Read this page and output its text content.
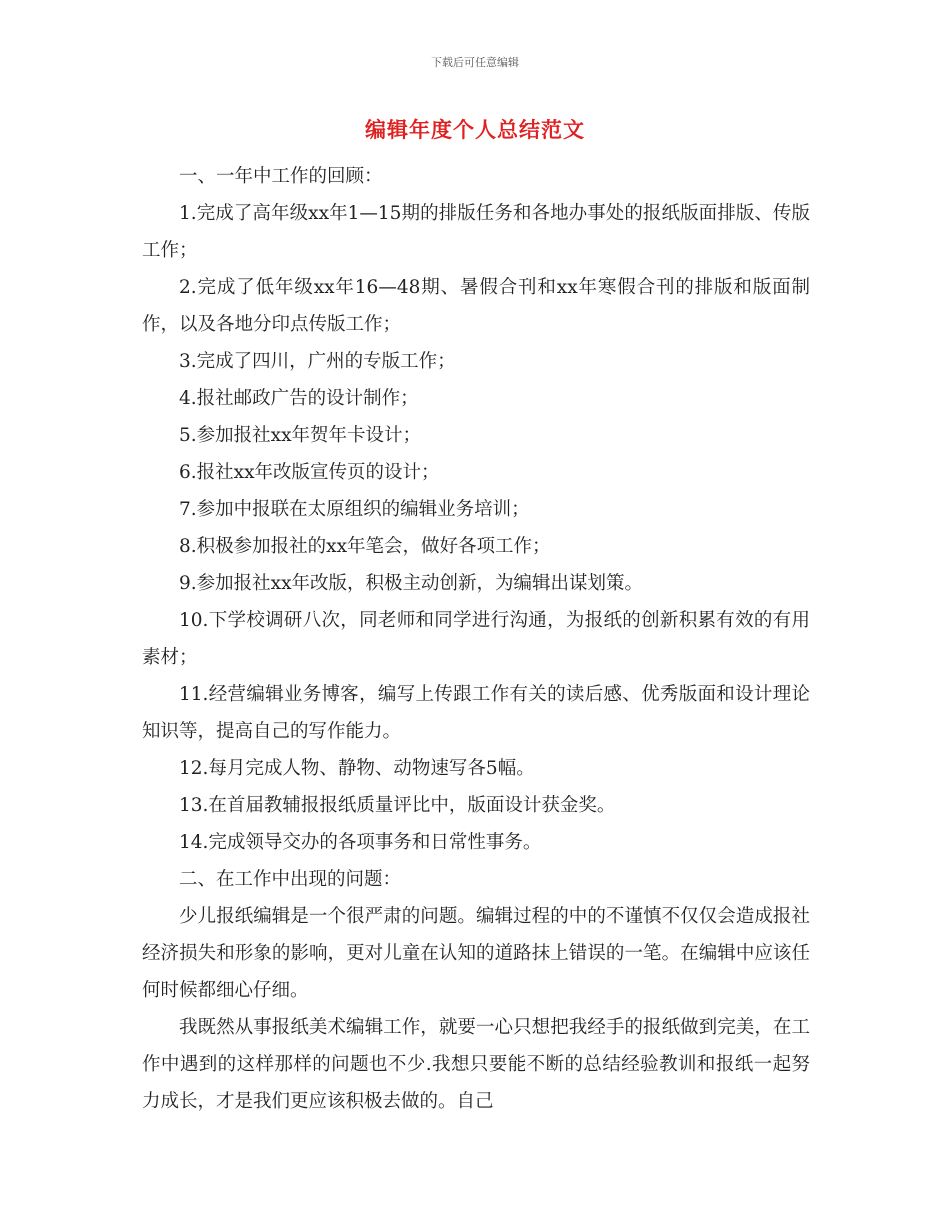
下载后可任意编辑
编辑年度个人总结范文

一、一年中工作的回顾：

1.完成了高年级xx年1—15期的排版任务和各地办事处的报纸版面排版、传版工作；

2.完成了低年级xx年16—48期、暑假合刊和xx年寒假合刊的排版和版面制作，以及各地分印点传版工作；

3.完成了四川，广州的专版工作；

4.报社邮政广告的设计制作；

5.参加报社xx年贺年卡设计；

6.报社xx年改版宣传页的设计；

7.参加中报联在太原组织的编辑业务培训；

8.积极参加报社的xx年笔会，做好各项工作；

9.参加报社xx年改版，积极主动创新，为编辑出谋划策。

10.下学校调研八次，同老师和同学进行沟通，为报纸的创新积累有效的有用素材；

11.经营编辑业务博客，编写上传跟工作有关的读后感、优秀版面和设计理论知识等，提高自己的写作能力。

12.每月完成人物、静物、动物速写各5幅。

13.在首届教辅报报纸质量评比中，版面设计获金奖。

14.完成领导交办的各项事务和日常性事务。

二、在工作中出现的问题：

少儿报纸编辑是一个很严肃的问题。编辑过程的中的不谨慎不仅仅会造成报社经济损失和形象的影响，更对儿童在认知的道路抹上错误的一笔。在编辑中应该任何时候都细心仔细。

我既然从事报纸美术编辑工作，就要一心只想把我经手的报纸做到完美，在工作中遇到的这样那样的问题也不少.我想只要能不断的总结经验教训和报纸一起努力成长，才是我们更应该积极去做的。自己
